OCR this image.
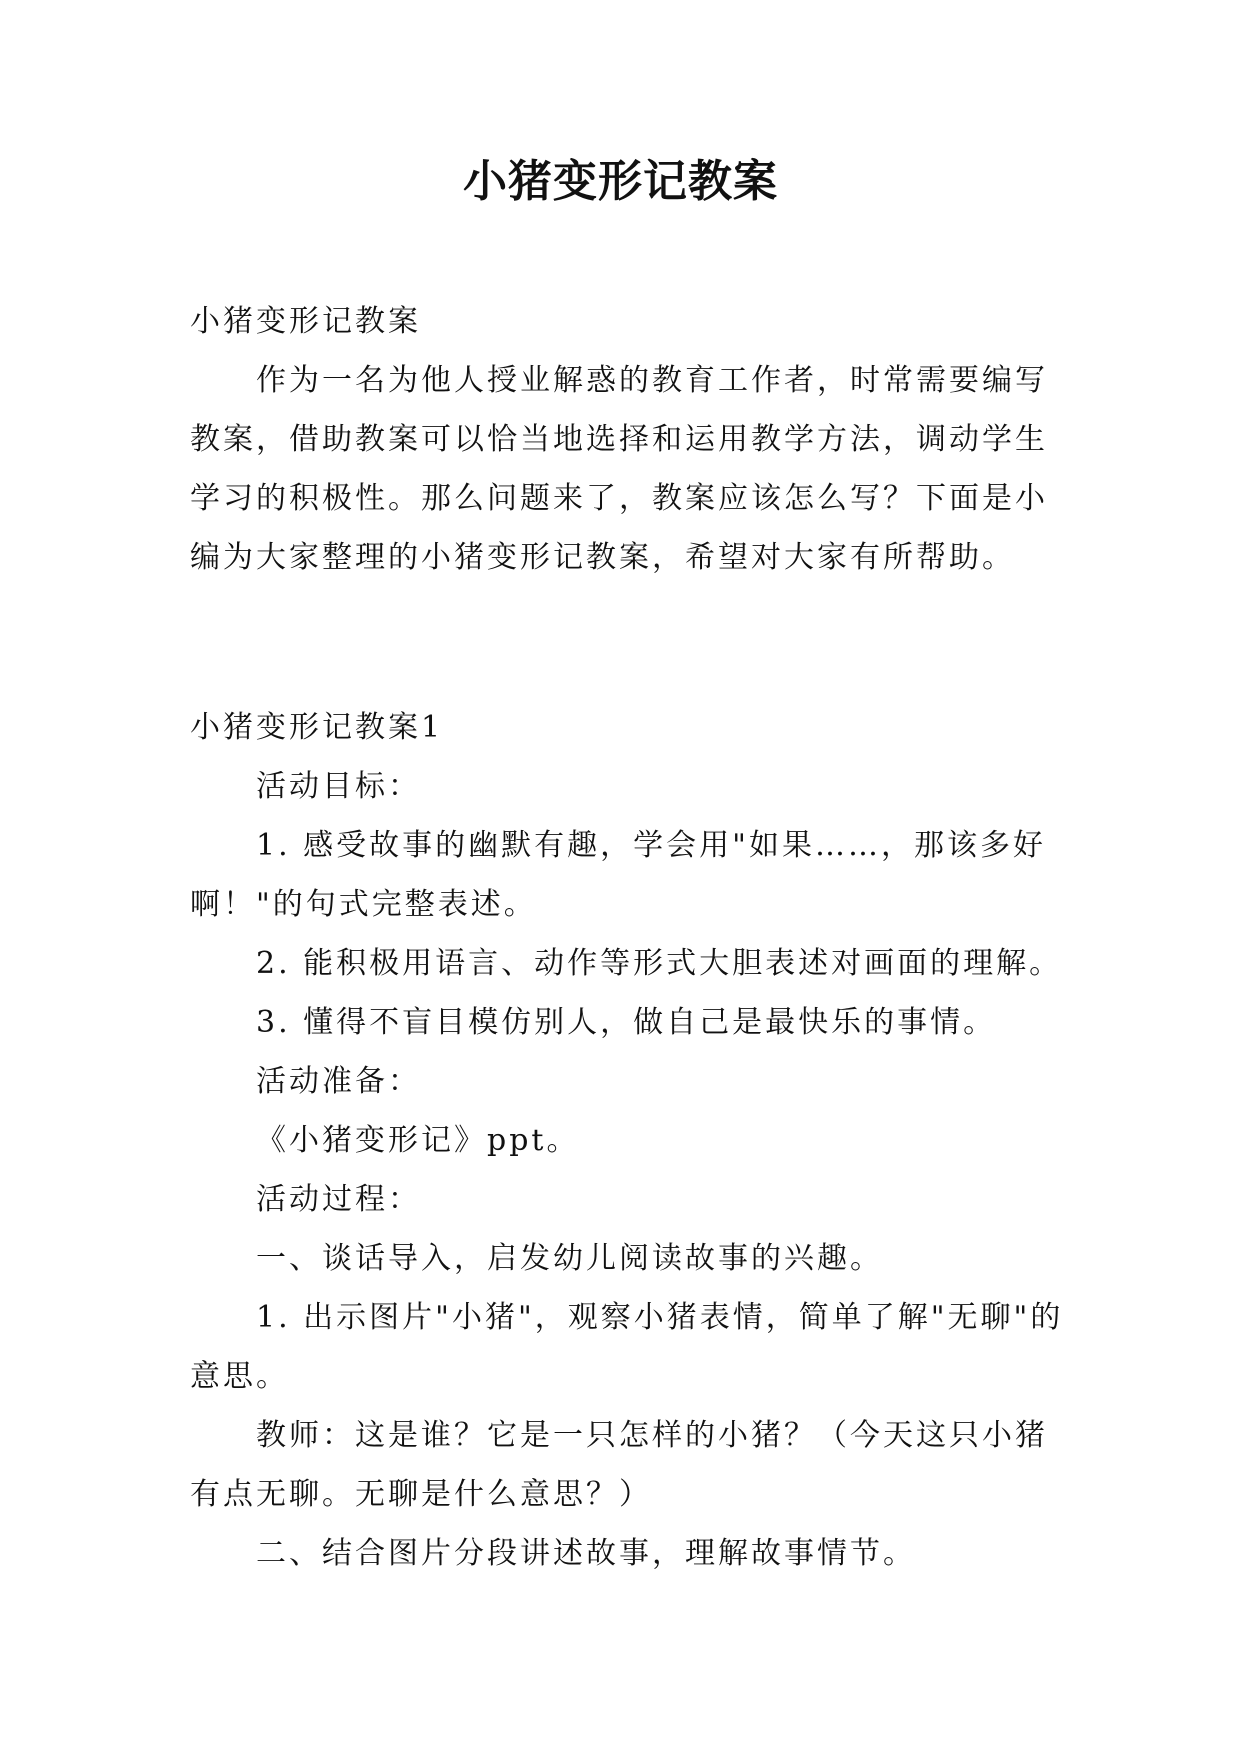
小猪变形记教案

小猪变形记教案

作为一名为他人授业解惑的教育工作者，时常需要编写教案，借助教案可以恰当地选择和运用教学方法，调动学生学习的积极性。那么问题来了，教案应该怎么写？下面是小编为大家整理的小猪变形记教案，希望对大家有所帮助。

小猪变形记教案1

活动目标：

1. 感受故事的幽默有趣，学会用"如果……，那该多好啊！"的句式完整表述。

2. 能积极用语言、动作等形式大胆表述对画面的理解。

3. 懂得不盲目模仿别人，做自己是最快乐的事情。

活动准备：

《小猪变形记》ppt。

活动过程：

一、谈话导入，启发幼儿阅读故事的兴趣。

1. 出示图片"小猪"，观察小猪表情，简单了解"无聊"的意思。

教师：这是谁？它是一只怎样的小猪？（今天这只小猪有点无聊。无聊是什么意思？）

二、结合图片分段讲述故事，理解故事情节。
